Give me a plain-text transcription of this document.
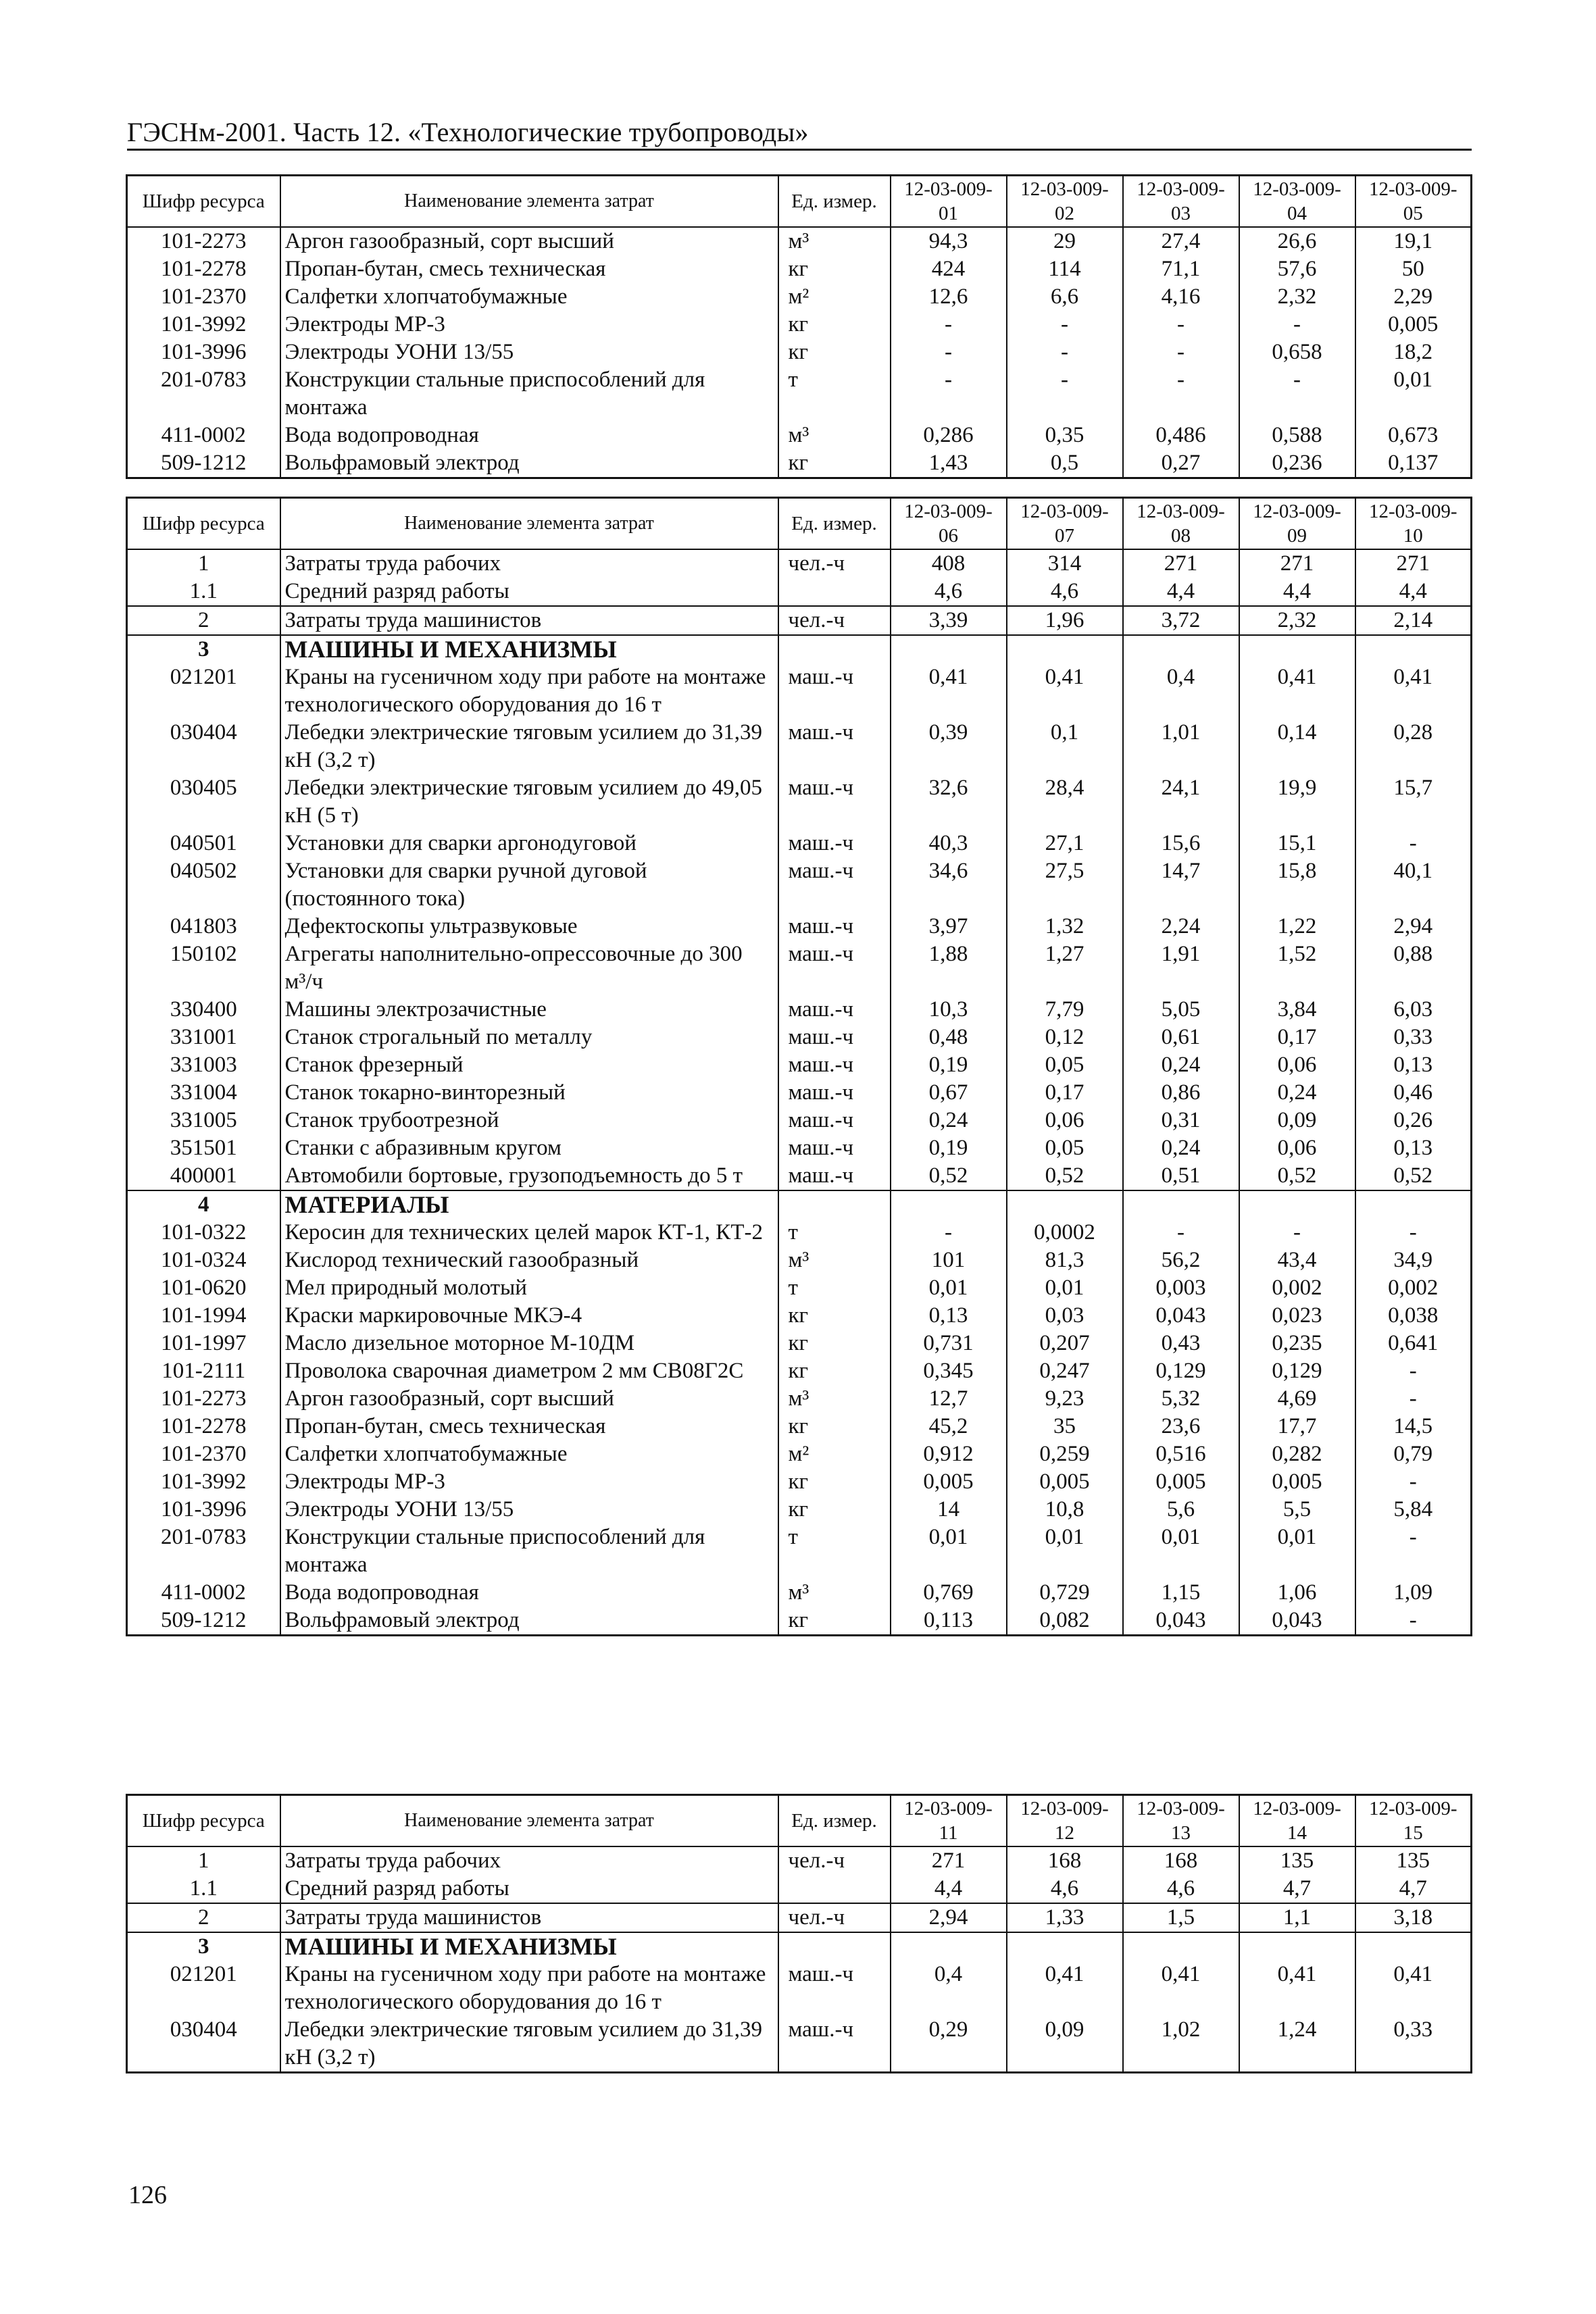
ГЭСНм-2001. Часть 12. «Технологические трубопроводы»
Шифр ресурса	Наименование элемента затрат	Ед. измер.	12-03-009-01	12-03-009-02	12-03-009-03	12-03-009-04	12-03-009-05
101-2273	Аргон газообразный, сорт высший	м³	94,3	29	27,4	26,6	19,1
101-2278	Пропан-бутан, смесь техническая	кг	424	114	71,1	57,6	50
101-2370	Салфетки хлопчатобумажные	м²	12,6	6,6	4,16	2,32	2,29
101-3992	Электроды МР-3	кг	-	-	-	-	0,005
101-3996	Электроды УОНИ 13/55	кг	-	-	-	0,658	18,2
201-0783	Конструкции стальные приспособлений для монтажа	т	-	-	-	-	0,01
411-0002	Вода водопроводная	м³	0,286	0,35	0,486	0,588	0,673
509-1212	Вольфрамовый электрод	кг	1,43	0,5	0,27	0,236	0,137
Шифр ресурса	Наименование элемента затрат	Ед. измер.	12-03-009-06	12-03-009-07	12-03-009-08	12-03-009-09	12-03-009-10
1	Затраты труда рабочих	чел.-ч	408	314	271	271	271
1.1	Средний разряд работы		4,6	4,6	4,4	4,4	4,4
2	Затраты труда машинистов	чел.-ч	3,39	1,96	3,72	2,32	2,14
3	МАШИНЫ И МЕХАНИЗМЫ						
021201	Краны на гусеничном ходу при работе на монтаже технологического оборудования до 16 т	маш.-ч	0,41	0,41	0,4	0,41	0,41
030404	Лебедки электрические тяговым усилием до 31,39 кН (3,2 т)	маш.-ч	0,39	0,1	1,01	0,14	0,28
030405	Лебедки электрические тяговым усилием до 49,05 кН (5 т)	маш.-ч	32,6	28,4	24,1	19,9	15,7
040501	Установки для сварки аргонодуговой	маш.-ч	40,3	27,1	15,6	15,1	-
040502	Установки для сварки ручной дуговой (постоянного тока)	маш.-ч	34,6	27,5	14,7	15,8	40,1
041803	Дефектоскопы ультразвуковые	маш.-ч	3,97	1,32	2,24	1,22	2,94
150102	Агрегаты наполнительно-опрессовочные до 300 м³/ч	маш.-ч	1,88	1,27	1,91	1,52	0,88
330400	Машины электрозачистные	маш.-ч	10,3	7,79	5,05	3,84	6,03
331001	Станок строгальный по металлу	маш.-ч	0,48	0,12	0,61	0,17	0,33
331003	Станок фрезерный	маш.-ч	0,19	0,05	0,24	0,06	0,13
331004	Станок токарно-винторезный	маш.-ч	0,67	0,17	0,86	0,24	0,46
331005	Станок трубоотрезной	маш.-ч	0,24	0,06	0,31	0,09	0,26
351501	Станки с абразивным кругом	маш.-ч	0,19	0,05	0,24	0,06	0,13
400001	Автомобили бортовые, грузоподъемность до 5 т	маш.-ч	0,52	0,52	0,51	0,52	0,52
4	МАТЕРИАЛЫ						
101-0322	Керосин для технических целей марок КТ-1, КТ-2	т	-	0,0002	-	-	-
101-0324	Кислород технический газообразный	м³	101	81,3	56,2	43,4	34,9
101-0620	Мел природный молотый	т	0,01	0,01	0,003	0,002	0,002
101-1994	Краски маркировочные МКЭ-4	кг	0,13	0,03	0,043	0,023	0,038
101-1997	Масло дизельное моторное М-10ДМ	кг	0,731	0,207	0,43	0,235	0,641
101-2111	Проволока сварочная диаметром 2 мм СВ08Г2С	кг	0,345	0,247	0,129	0,129	-
101-2273	Аргон газообразный, сорт высший	м³	12,7	9,23	5,32	4,69	-
101-2278	Пропан-бутан, смесь техническая	кг	45,2	35	23,6	17,7	14,5
101-2370	Салфетки хлопчатобумажные	м²	0,912	0,259	0,516	0,282	0,79
101-3992	Электроды МР-3	кг	0,005	0,005	0,005	0,005	-
101-3996	Электроды УОНИ 13/55	кг	14	10,8	5,6	5,5	5,84
201-0783	Конструкции стальные приспособлений для монтажа	т	0,01	0,01	0,01	0,01	-
411-0002	Вода водопроводная	м³	0,769	0,729	1,15	1,06	1,09
509-1212	Вольфрамовый электрод	кг	0,113	0,082	0,043	0,043	-
Шифр ресурса	Наименование элемента затрат	Ед. измер.	12-03-009-11	12-03-009-12	12-03-009-13	12-03-009-14	12-03-009-15
1	Затраты труда рабочих	чел.-ч	271	168	168	135	135
1.1	Средний разряд работы		4,4	4,6	4,6	4,7	4,7
2	Затраты труда машинистов	чел.-ч	2,94	1,33	1,5	1,1	3,18
3	МАШИНЫ И МЕХАНИЗМЫ						
021201	Краны на гусеничном ходу при работе на монтаже технологического оборудования до 16 т	маш.-ч	0,4	0,41	0,41	0,41	0,41
030404	Лебедки электрические тяговым усилием до 31,39 кН (3,2 т)	маш.-ч	0,29	0,09	1,02	1,24	0,33
126
